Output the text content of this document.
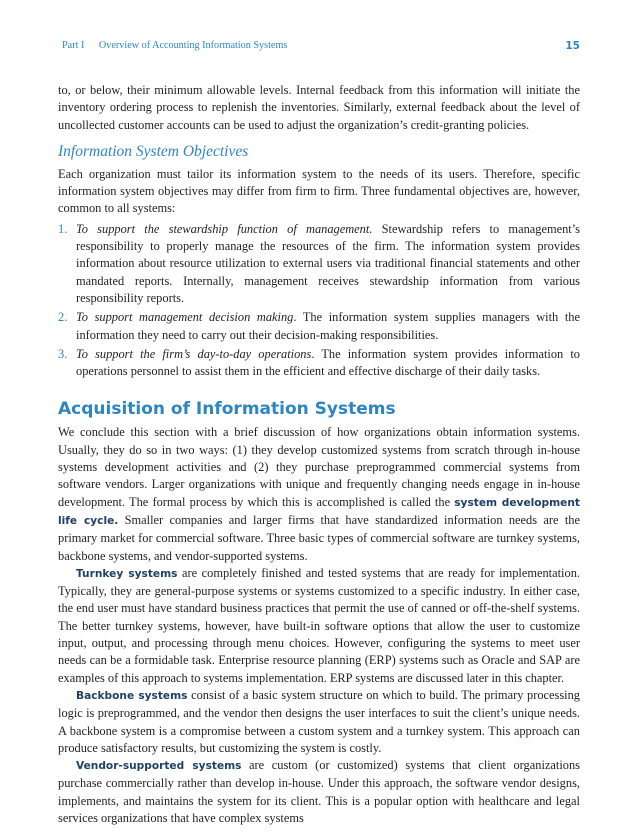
Part I Overview of Accounting Information Systems	15

to, or below, their minimum allowable levels. Internal feedback from this information will initiate the inventory ordering process to replenish the inventories. Similarly, external feedback about the level of uncollected customer accounts can be used to adjust the organization’s credit-granting policies.

Information System Objectives

Each organization must tailor its information system to the needs of its users. Therefore, specific information system objectives may differ from firm to firm. Three fundamental objectives are, however, common to all systems:

1. To support the stewardship function of management. Stewardship refers to management’s responsibility to properly manage the resources of the firm. The information system provides information about resource utilization to external users via traditional financial statements and other mandated reports. Internally, management receives stewardship information from various responsibility reports.

2. To support management decision making. The information system supplies managers with the information they need to carry out their decision-making responsibilities.

3. To support the firm’s day-to-day operations. The information system provides information to operations personnel to assist them in the efficient and effective discharge of their daily tasks.

Acquisition of Information Systems

We conclude this section with a brief discussion of how organizations obtain information systems. Usually, they do so in two ways: (1) they develop customized systems from scratch through in-house systems development activities and (2) they purchase preprogrammed commercial systems from software vendors. Larger organizations with unique and frequently changing needs engage in in-house development. The formal process by which this is accomplished is called the system development life cycle. Smaller companies and larger firms that have standardized information needs are the primary market for commercial software. Three basic types of commercial software are turnkey systems, backbone systems, and vendor-supported systems.

Turnkey systems are completely finished and tested systems that are ready for implementation. Typically, they are general-purpose systems or systems customized to a specific industry. In either case, the end user must have standard business practices that permit the use of canned or off-the-shelf systems. The better turnkey systems, however, have built-in software options that allow the user to customize input, output, and processing through menu choices. However, configuring the systems to meet user needs can be a formidable task. Enterprise resource planning (ERP) systems such as Oracle and SAP are examples of this approach to systems implementation. ERP systems are discussed later in this chapter.

Backbone systems consist of a basic system structure on which to build. The primary processing logic is preprogrammed, and the vendor then designs the user interfaces to suit the client’s unique needs. A backbone system is a compromise between a custom system and a turnkey system. This approach can produce satisfactory results, but customizing the system is costly.

Vendor-supported systems are custom (or customized) systems that client organizations purchase commercially rather than develop in-house. Under this approach, the software vendor designs, implements, and maintains the system for its client. This is a popular option with healthcare and legal services organizations that have complex systems
